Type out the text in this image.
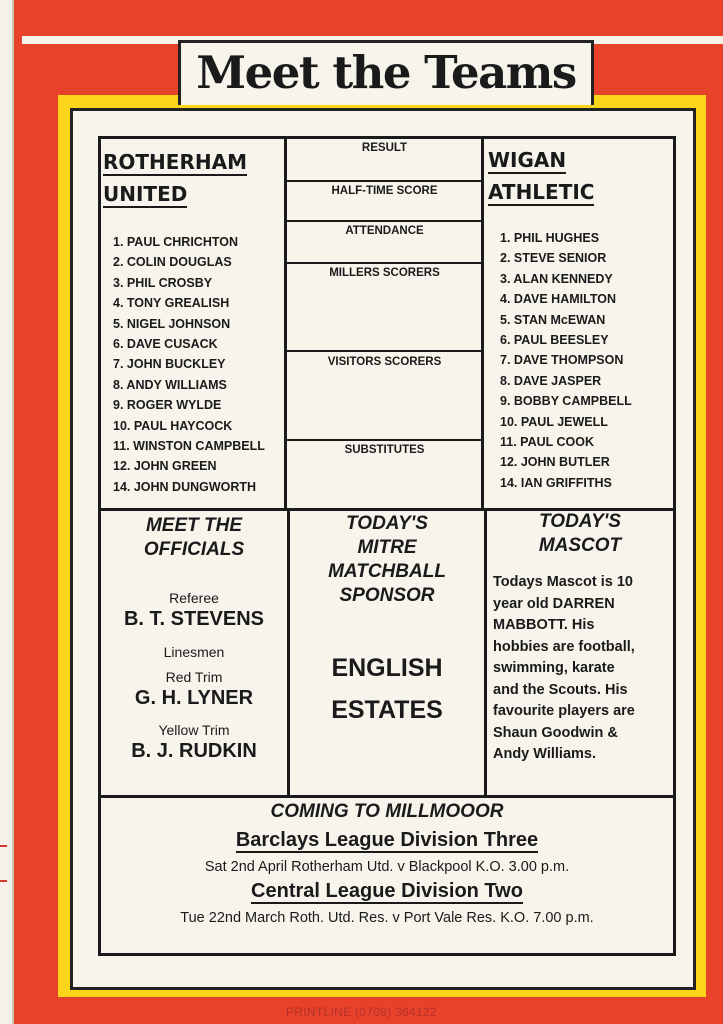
Meet the Teams
ROTHERHAM
UNITED
1. PAUL CHRICHTON
2. COLIN DOUGLAS
3. PHIL CROSBY
4. TONY GREALISH
5. NIGEL JOHNSON
6. DAVE CUSACK
7. JOHN BUCKLEY
8. ANDY WILLIAMS
9. ROGER WYLDE
10. PAUL HAYCOCK
11. WINSTON CAMPBELL
12. JOHN GREEN
14. JOHN DUNGWORTH
WIGAN
ATHLETIC
1. PHIL HUGHES
2. STEVE SENIOR
3. ALAN KENNEDY
4. DAVE HAMILTON
5. STAN McEWAN
6. PAUL BEESLEY
7. DAVE THOMPSON
8. DAVE JASPER
9. BOBBY CAMPBELL
10. PAUL JEWELL
11. PAUL COOK
12. JOHN BUTLER
14. IAN GRIFFITHS
RESULT
HALF-TIME SCORE
ATTENDANCE
MILLERS SCORERS
VISITORS SCORERS
SUBSTITUTES
MEET THE
OFFICIALS
Referee
B. T. STEVENS
Linesmen
Red Trim
G. H. LYNER
Yellow Trim
B. J. RUDKIN
TODAY'S
MITRE
MATCHBALL
SPONSOR
ENGLISH
ESTATES
TODAY'S
MASCOT
Todays Mascot is 10
year old DARREN
MABBOTT. His
hobbies are football,
swimming, karate
and the Scouts. His
favourite players are
Shaun Goodwin &
Andy Williams.
COMING TO MILLMOOOR
Barclays League Division Three
Sat 2nd April Rotherham Utd. v Blackpool K.O. 3.00 p.m.
Central League Division Two
Tue 22nd March Roth. Utd. Res. v Port Vale Res. K.O. 7.00 p.m.
PRINTLINE (0709) 364122
